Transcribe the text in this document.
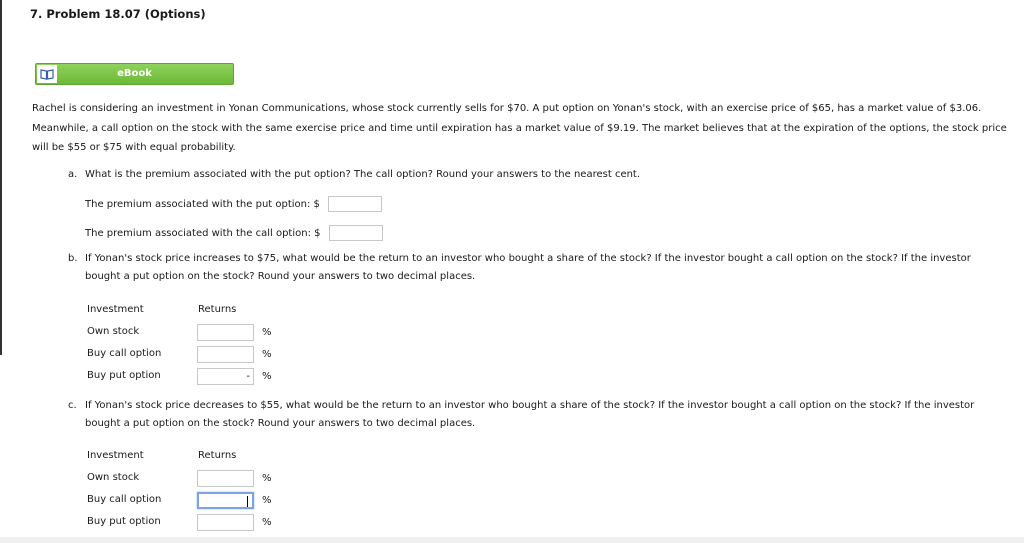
7. Problem 18.07 (Options)
eBook
Rachel is considering an investment in Yonan Communications, whose stock currently sells for $70. A put option on Yonan's stock, with an exercise price of $65, has a market value of $3.06. Meanwhile, a call option on the stock with the same exercise price and time until expiration has a market value of $9.19. The market believes that at the expiration of the options, the stock price will be $55 or $75 with equal probability.
a. What is the premium associated with the put option? The call option? Round your answers to the nearest cent.
The premium associated with the put option: $
The premium associated with the call option: $
b. If Yonan's stock price increases to $75, what would be the return to an investor who bought a share of the stock? If the investor bought a call option on the stock? If the investor bought a put option on the stock? Round your answers to two decimal places.
Investment	Returns
Own stock	%
Buy call option	%
Buy put option	- %
c. If Yonan's stock price decreases to $55, what would be the return to an investor who bought a share of the stock? If the investor bought a call option on the stock? If the investor bought a put option on the stock? Round your answers to two decimal places.
Investment	Returns
Own stock	%
Buy call option	%
Buy put option	%
